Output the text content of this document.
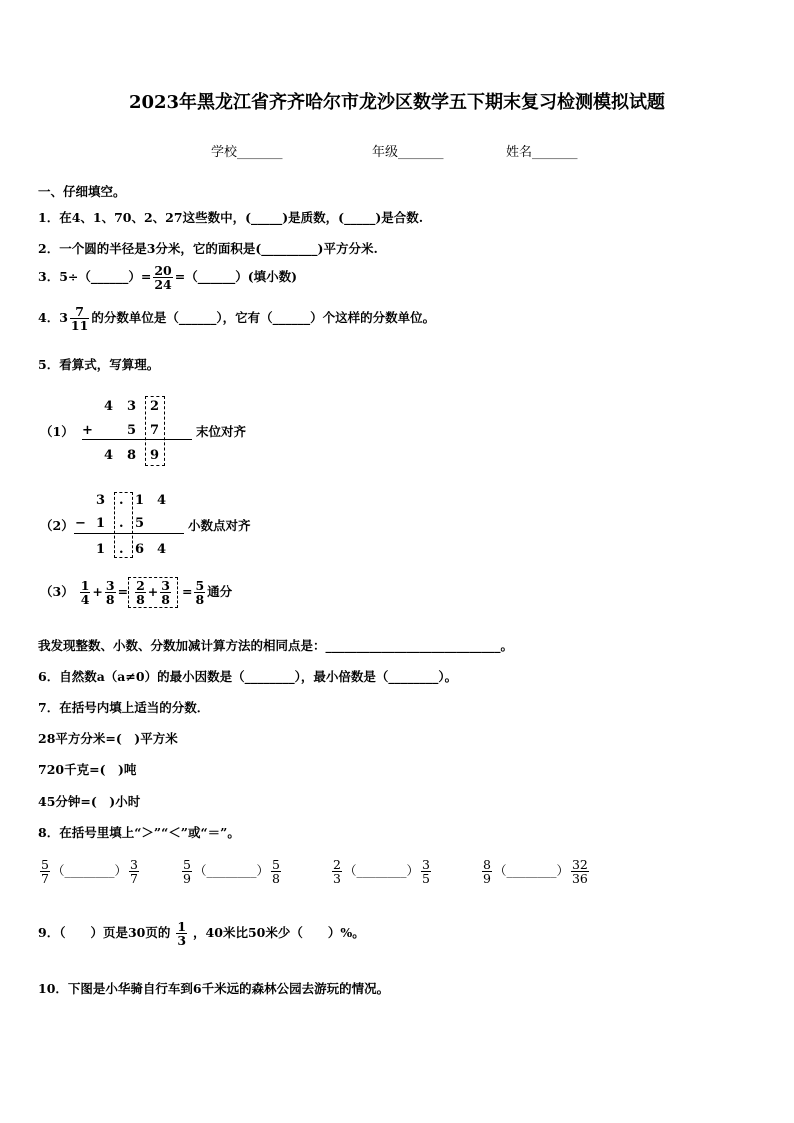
2023年黑龙江省齐齐哈尔市龙沙区数学五下期末复习检测模拟试题
学校_______	年级_______	姓名_______
一、仔细填空。
1．在4、1、70、2、27这些数中，(_____)是质数，(_____)是合数.
2．一个圆的半径是3分米，它的面积是(_________)平方分米.
3．5÷（______）= $\frac{20}{24}$ =（______）(填小数)
4．$3 \frac{7}{11}$ 的分数单位是（______），它有（______）个这样的分数单位。
5．看算式，写算理。
（1）
4 3 2
+	5 7
4 8 9
末位对齐
（2）
3 . 1 4
− 1 . 5
1 . 6 4
小数点对齐
$(3) \frac{1}{4} + \frac{3}{8} = \frac{2}{8} + \frac{3}{8} = \frac{5}{8}$ 通分
我发现整数、小数、分数加减计算方法的相同点是：____________________________。
6．自然数a（a≠0）的最小因数是（________），最小倍数是（________）。
7．在括号内填上适当的分数．
28平方分米=(　)平方米
720千克=(　)吨
45分钟=(　)小时
8．在括号里填上“＞”“＜”或“＝”。
$\frac{5}{7}$ （________） $\frac{3}{7}$	$\frac{5}{9}$ （________） $\frac{5}{8}$	$\frac{2}{3}$ （________） $\frac{3}{5}$	$\frac{8}{9}$ （________） $\frac{32}{36}$
9．（　　）页是30页的 $\frac{1}{3}$ ，40米比50米少（　　）%。
10．下图是小华骑自行车到6千米远的森林公园去游玩的情况。
